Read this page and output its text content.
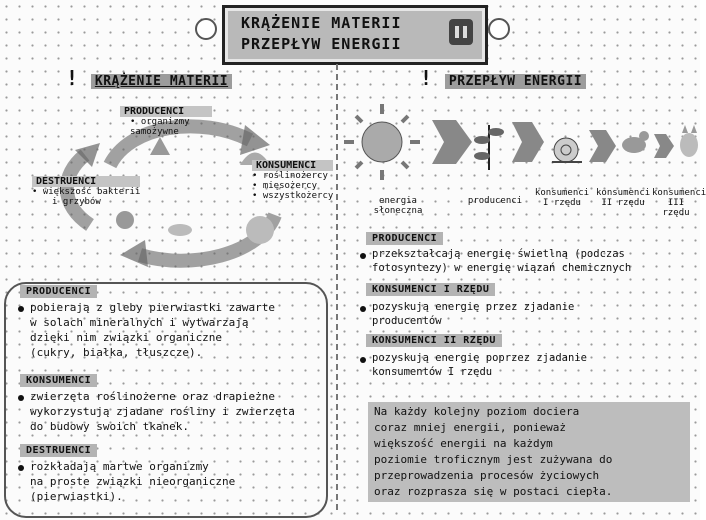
KRĄŻENIE MATERII
PRZEPŁYW ENERGII
! KRĄŻENIE MATERII
PRODUCENCI
• organizmy samożywne
KONSUMENCI
• roślinożercy
• mięsożercy
• wszystkożercy
DESTRUENCI
• większość bakterii
i grzybów
PRODUCENCI
pobierają z gleby pierwiastki zawarte
w solach mineralnych i wytwarzają
dzięki nim związki organiczne
(cukry, białka, tłuszcze).
KONSUMENCI
zwierzęta roślinożerne oraz drapieżne
wykorzystują zjadane rośliny i zwierzęta
do budowy swoich tkanek.
DESTRUENCI
rozkładają martwe organizmy
na proste związki nieorganiczne
(pierwiastki).
! PRZEPŁYW ENERGII
energia słoneczna
producenci
konsumenci I rzędu
konsumenci II rzędu
konsumenci III rzędu
PRODUCENCI
przekształcają energię świetlną (podczas
fotosyntezy) w energię wiązań chemicznych
KONSUMENCI I RZĘDU
pozyskują energię przez zjadanie
producentów
KONSUMENCI II RZĘDU
pozyskują energię poprzez zjadanie
konsumentów I rzędu
Na każdy kolejny poziom dociera
coraz mniej energii, ponieważ
większość energii na każdym
poziomie troficznym jest zużywana do
przeprowadzenia procesów życiowych
oraz rozprasza się w postaci ciepła.
